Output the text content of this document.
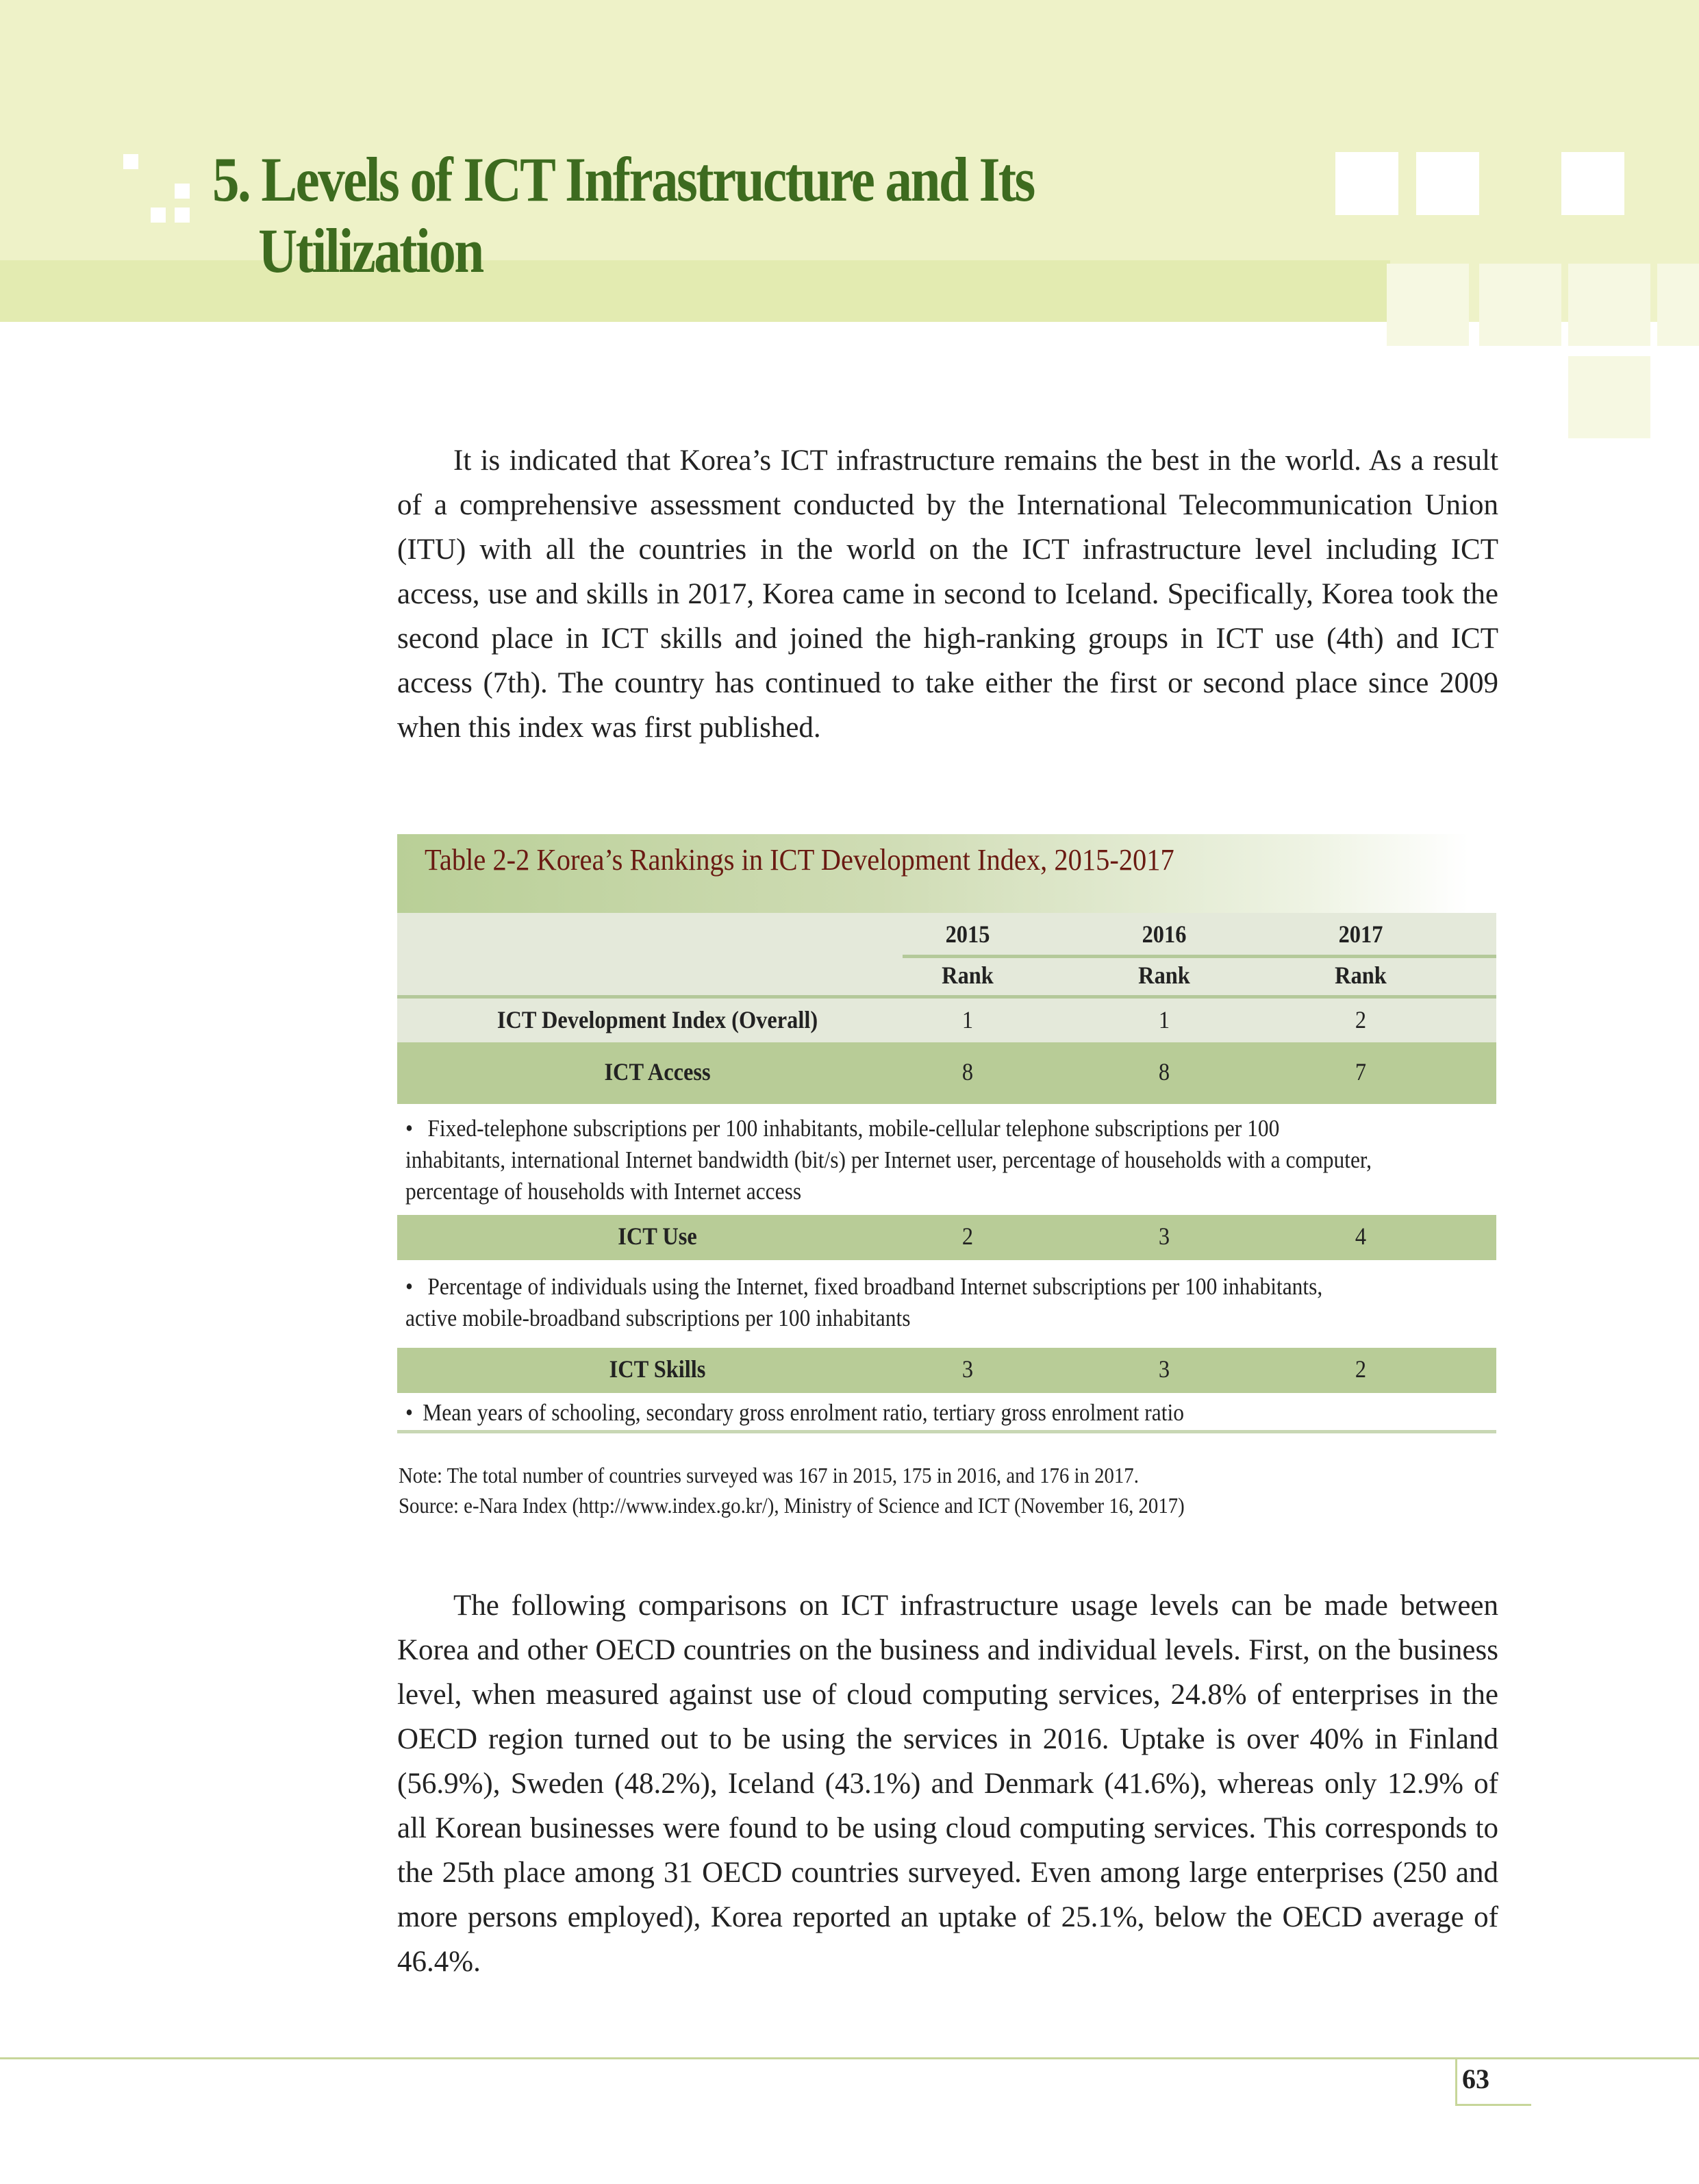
5. Levels of ICT Infrastructure and Its
Utilization

It is indicated that Korea’s ICT infrastructure remains the best in the world. As a result of a comprehensive assessment conducted by the International Telecommunication Union (ITU) with all the countries in the world on the ICT infrastructure level including ICT access, use and skills in 2017, Korea came in second to Iceland. Specifically, Korea took the second place in ICT skills and joined the high-ranking groups in ICT use (4th) and ICT access (7th). The country has continued to take either the first or second place since 2009 when this index was first published.

Table 2-2 Korea’s Rankings in ICT Development Index, 2015-2017
2015	2016	2017
Rank	Rank	Rank
ICT Development Index (Overall)	1	1	2
ICT Access	8	8	7
• Fixed-telephone subscriptions per 100 inhabitants, mobile-cellular telephone subscriptions per 100 inhabitants, international Internet bandwidth (bit/s) per Internet user, percentage of households with a computer, percentage of households with Internet access
ICT Use	2	3	4
• Percentage of individuals using the Internet, fixed broadband Internet subscriptions per 100 inhabitants, active mobile-broadband subscriptions per 100 inhabitants
ICT Skills	3	3	2
• Mean years of schooling, secondary gross enrolment ratio, tertiary gross enrolment ratio
Note: The total number of countries surveyed was 167 in 2015, 175 in 2016, and 176 in 2017.
Source: e-Nara Index (http://www.index.go.kr/), Ministry of Science and ICT (November 16, 2017)

The following comparisons on ICT infrastructure usage levels can be made between Korea and other OECD countries on the business and individual levels. First, on the business level, when measured against use of cloud computing services, 24.8% of enterprises in the OECD region turned out to be using the services in 2016. Uptake is over 40% in Finland (56.9%), Sweden (48.2%), Iceland (43.1%) and Denmark (41.6%), whereas only 12.9% of all Korean businesses were found to be using cloud computing services. This corresponds to the 25th place among 31 OECD countries surveyed. Even among large enterprises (250 and more persons employed), Korea reported an uptake of 25.1%, below the OECD average of 46.4%.

63
